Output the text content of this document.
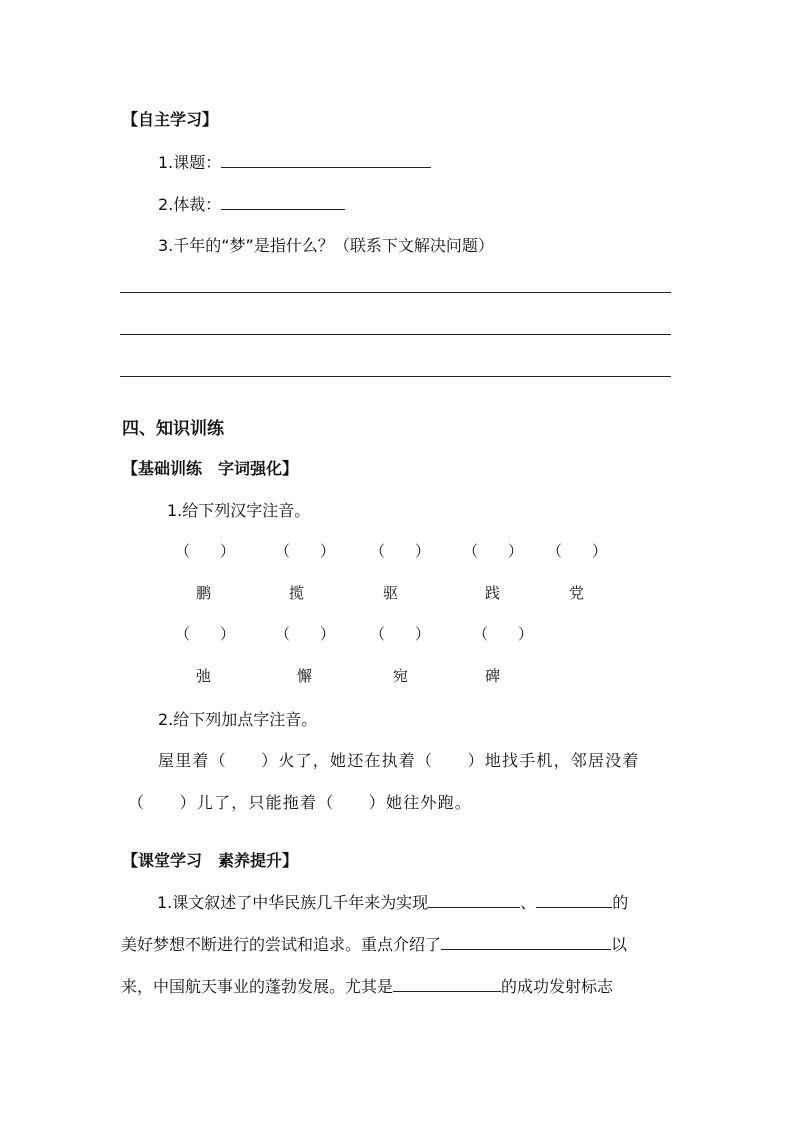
【自主学习】
1.课题：
2.体裁：
3.千年的“梦”是指什么？（联系下文解决问题）
四、知识训练
【基础训练　字词强化】
1.给下列汉字注音。
（　　）	（　　） （　　） （　　） （　　）
鹏	揽	驱	践	党
（　　）	（　　） （　　）	（　　）
弛	懈	宛	碑
2.给下列加点字注音。
屋里着（　　）火了，她还在执着（　　）地找手机，邻居没着
（　　）儿了，只能拖着（　　）她往外跑。
【课堂学习　素养提升】
1.课文叙述了中华民族几千年来为实现	、	的
美好梦想不断进行的尝试和追求。重点介绍了	以
来，中国航天事业的蓬勃发展。尤其是	的成功发射标志
